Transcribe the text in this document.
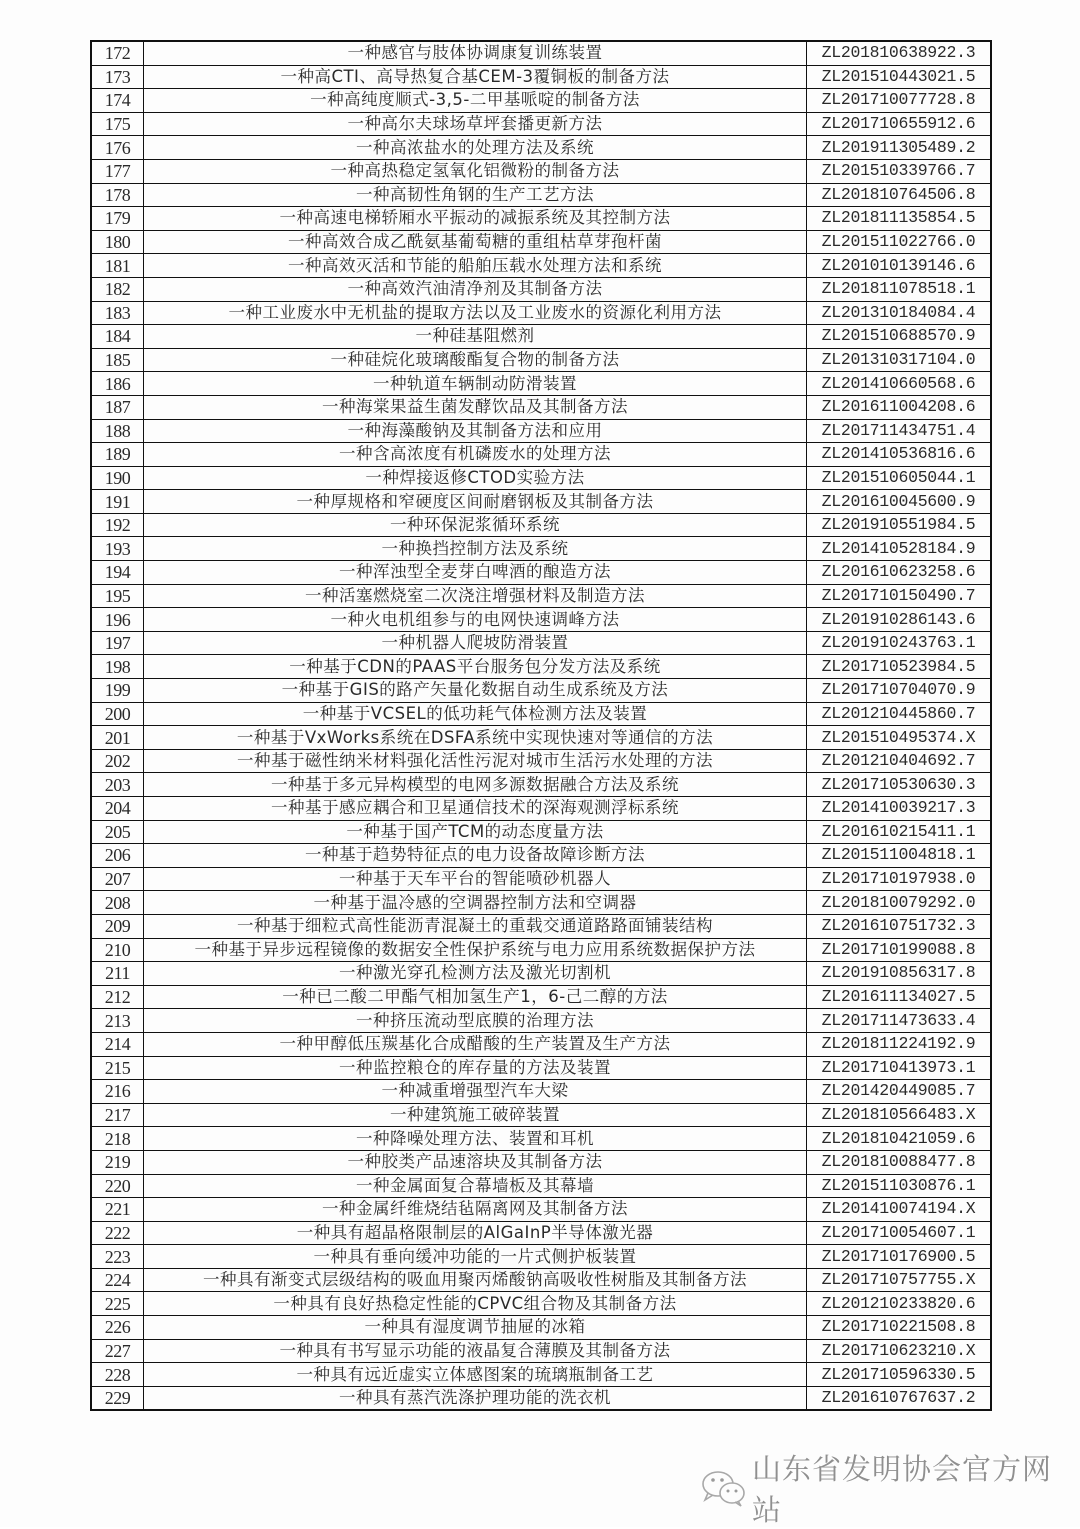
172	一种感官与肢体协调康复训练装置	ZL201810638922.3
173	一种高CTI、高导热复合基CEM-3覆铜板的制备方法	ZL201510443021.5
174	一种高纯度顺式-3,5-二甲基哌啶的制备方法	ZL201710077728.8
175	一种高尔夫球场草坪套播更新方法	ZL201710655912.6
176	一种高浓盐水的处理方法及系统	ZL201911305489.2
177	一种高热稳定氢氧化铝微粉的制备方法	ZL201510339766.7
178	一种高韧性角钢的生产工艺方法	ZL201810764506.8
179	一种高速电梯轿厢水平振动的减振系统及其控制方法	ZL201811135854.5
180	一种高效合成乙酰氨基葡萄糖的重组枯草芽孢杆菌	ZL201511022766.0
181	一种高效灭活和节能的船舶压载水处理方法和系统	ZL201010139146.6
182	一种高效汽油清净剂及其制备方法	ZL201811078518.1
183	一种工业废水中无机盐的提取方法以及工业废水的资源化利用方法	ZL201310184084.4
184	一种硅基阻燃剂	ZL201510688570.9
185	一种硅烷化玻璃酸酯复合物的制备方法	ZL201310317104.0
186	一种轨道车辆制动防滑装置	ZL201410660568.6
187	一种海棠果益生菌发酵饮品及其制备方法	ZL201611004208.6
188	一种海藻酸钠及其制备方法和应用	ZL201711434751.4
189	一种含高浓度有机磷废水的处理方法	ZL201410536816.6
190	一种焊接返修CTOD实验方法	ZL201510605044.1
191	一种厚规格和窄硬度区间耐磨钢板及其制备方法	ZL201610045600.9
192	一种环保泥浆循环系统	ZL201910551984.5
193	一种换挡控制方法及系统	ZL201410528184.9
194	一种浑浊型全麦芽白啤酒的酿造方法	ZL201610623258.6
195	一种活塞燃烧室二次浇注增强材料及制造方法	ZL201710150490.7
196	一种火电机组参与的电网快速调峰方法	ZL201910286143.6
197	一种机器人爬坡防滑装置	ZL201910243763.1
198	一种基于CDN的PAAS平台服务包分发方法及系统	ZL201710523984.5
199	一种基于GIS的路产矢量化数据自动生成系统及方法	ZL201710704070.9
200	一种基于VCSEL的低功耗气体检测方法及装置	ZL201210445860.7
201	一种基于VxWorks系统在DSFA系统中实现快速对等通信的方法	ZL201510495374.X
202	一种基于磁性纳米材料强化活性污泥对城市生活污水处理的方法	ZL201210404692.7
203	一种基于多元异构模型的电网多源数据融合方法及系统	ZL201710530630.3
204	一种基于感应耦合和卫星通信技术的深海观测浮标系统	ZL201410039217.3
205	一种基于国产TCM的动态度量方法	ZL201610215411.1
206	一种基于趋势特征点的电力设备故障诊断方法	ZL201511004818.1
207	一种基于天车平台的智能喷砂机器人	ZL201710197938.0
208	一种基于温冷感的空调器控制方法和空调器	ZL201810079292.0
209	一种基于细粒式高性能沥青混凝土的重载交通道路路面铺装结构	ZL201610751732.3
210	一种基于异步远程镜像的数据安全性保护系统与电力应用系统数据保护方法	ZL201710199088.8
211	一种激光穿孔检测方法及激光切割机	ZL201910856317.8
212	一种已二酸二甲酯气相加氢生产1，6-己二醇的方法	ZL201611134027.5
213	一种挤压流动型底膜的治理方法	ZL201711473633.4
214	一种甲醇低压羰基化合成醋酸的生产装置及生产方法	ZL201811224192.9
215	一种监控粮仓的库存量的方法及装置	ZL201710413973.1
216	一种减重增强型汽车大梁	ZL201420449085.7
217	一种建筑施工破碎装置	ZL201810566483.X
218	一种降噪处理方法、装置和耳机	ZL201810421059.6
219	一种胶类产品速溶块及其制备方法	ZL201810088477.8
220	一种金属面复合幕墙板及其幕墙	ZL201511030876.1
221	一种金属纤维烧结毡隔离网及其制备方法	ZL201410074194.X
222	一种具有超晶格限制层的AlGaInP半导体激光器	ZL201710054607.1
223	一种具有垂向缓冲功能的一片式侧护板装置	ZL201710176900.5
224	一种具有渐变式层级结构的吸血用聚丙烯酸钠高吸收性树脂及其制备方法	ZL201710757755.X
225	一种具有良好热稳定性能的CPVC组合物及其制备方法	ZL201210233820.6
226	一种具有湿度调节抽屉的冰箱	ZL201710221508.8
227	一种具有书写显示功能的液晶复合薄膜及其制备方法	ZL201710623210.X
228	一种具有远近虚实立体感图案的琉璃瓶制备工艺	ZL201710596330.5
229	一种具有蒸汽洗涤护理功能的洗衣机	ZL201610767637.2
山东省发明协会官方网站
